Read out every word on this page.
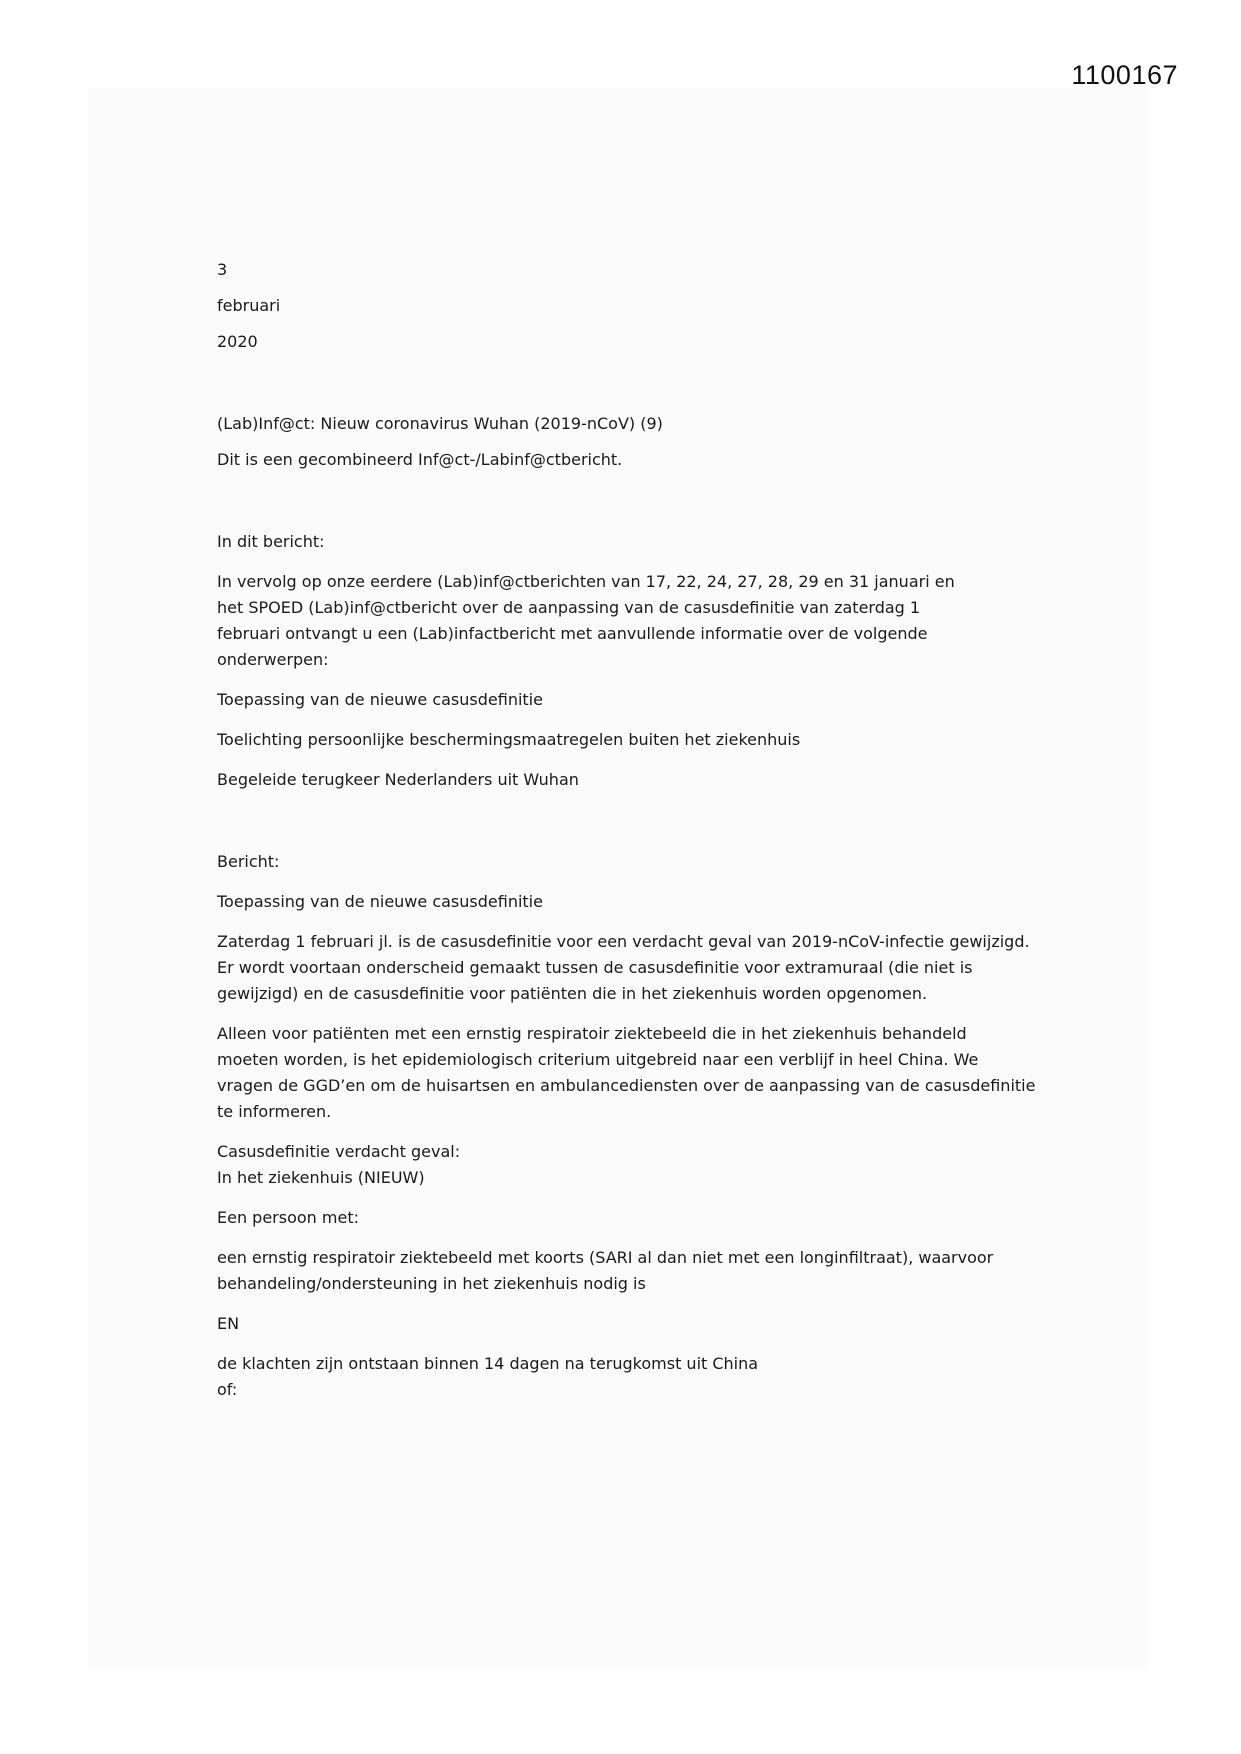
1100167

3

februari

2020

(Lab)Inf@ct: Nieuw coronavirus Wuhan (2019-nCoV) (9)

Dit is een gecombineerd Inf@ct-/Labinf@ctbericht.

In dit bericht:

In vervolg op onze eerdere (Lab)inf@ctberichten van 17, 22, 24, 27, 28, 29 en 31 januari en

het SPOED (Lab)inf@ctbericht over de aanpassing van de casusdefinitie van zaterdag 1

februari ontvangt u een (Lab)infactbericht met aanvullende informatie over de volgende

onderwerpen:

Toepassing van de nieuwe casusdefinitie

Toelichting persoonlijke beschermingsmaatregelen buiten het ziekenhuis

Begeleide terugkeer Nederlanders uit Wuhan

Bericht:

Toepassing van de nieuwe casusdefinitie

Zaterdag 1 februari jl. is de casusdefinitie voor een verdacht geval van 2019-nCoV-infectie gewijzigd.

Er wordt voortaan onderscheid gemaakt tussen de casusdefinitie voor extramuraal (die niet is

gewijzigd) en de casusdefinitie voor patiënten die in het ziekenhuis worden opgenomen.

Alleen voor patiënten met een ernstig respiratoir ziektebeeld die in het ziekenhuis behandeld

moeten worden, is het epidemiologisch criterium uitgebreid naar een verblijf in heel China. We

vragen de GGD’en om de huisartsen en ambulancediensten over de aanpassing van de casusdefinitie

te informeren.

Casusdefinitie verdacht geval:

In het ziekenhuis (NIEUW)

Een persoon met:

een ernstig respiratoir ziektebeeld met koorts (SARI al dan niet met een longinfiltraat), waarvoor

behandeling/ondersteuning in het ziekenhuis nodig is

EN

de klachten zijn ontstaan binnen 14 dagen na terugkomst uit China

of:
